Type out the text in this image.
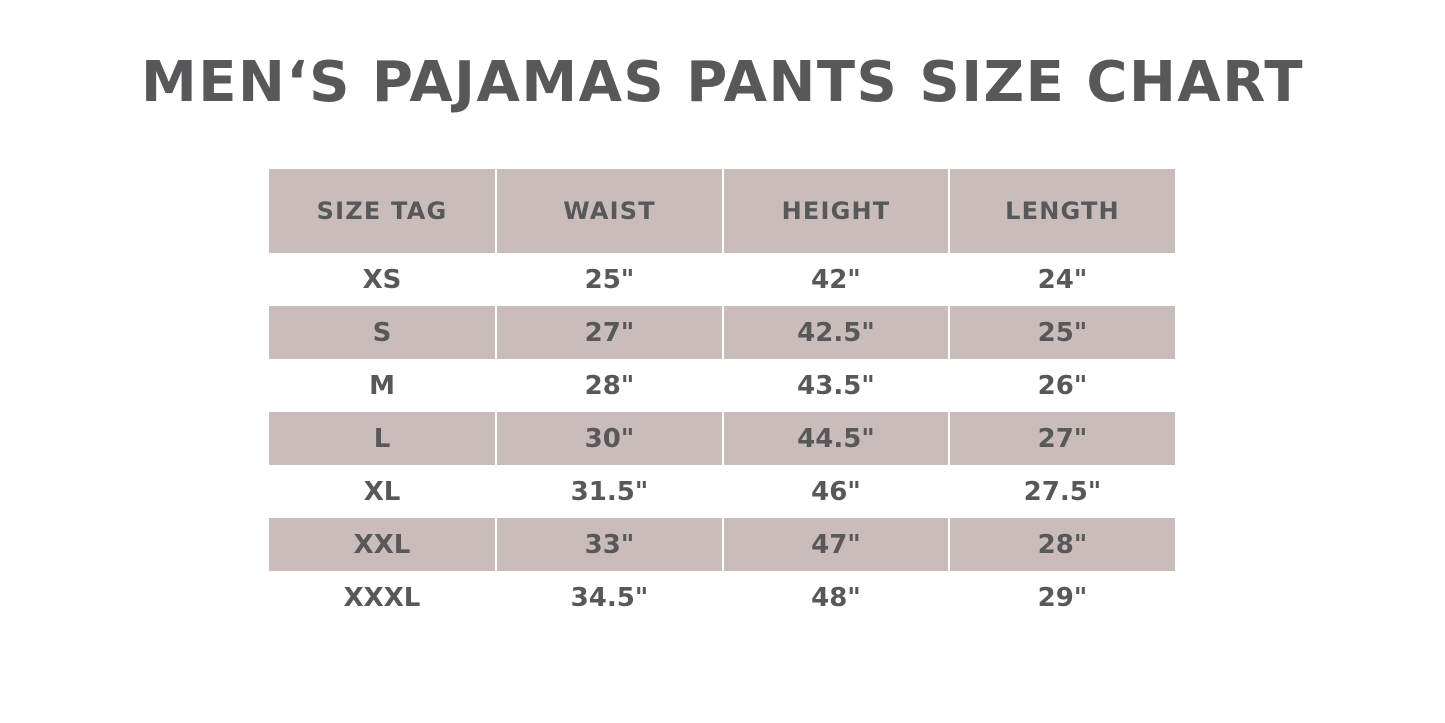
MEN‘S PAJAMAS PANTS SIZE CHART
SIZE TAG	WAIST	HEIGHT	LENGTH
XS	25"	42"	24"
S	27"	42.5"	25"
M	28"	43.5"	26"
L	30"	44.5"	27"
XL	31.5"	46"	27.5"
XXL	33"	47"	28"
XXXL	34.5"	48"	29"
